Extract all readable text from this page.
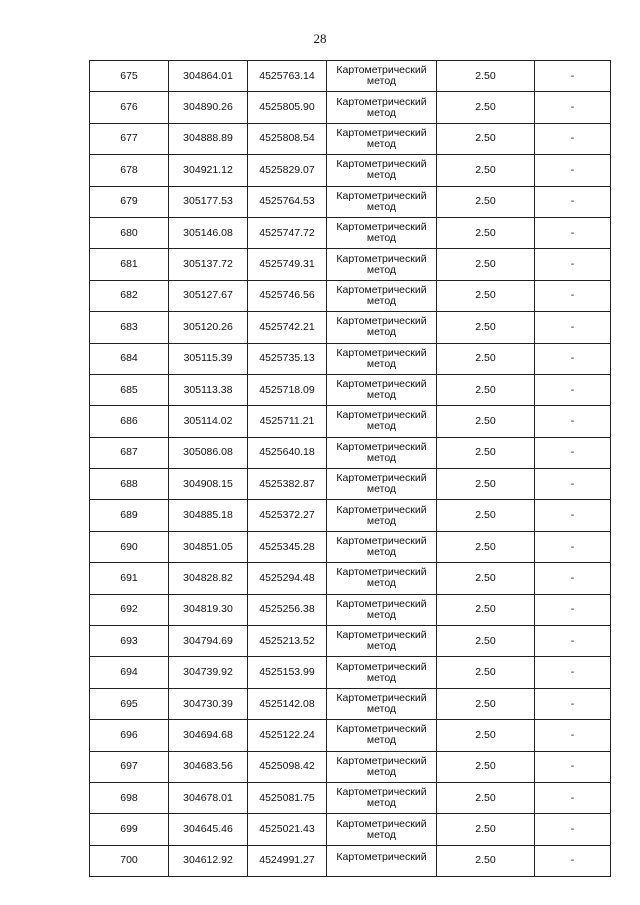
28
675	304864.01	4525763.14	Картометрический метод	2.50	-
676	304890.26	4525805.90	Картометрический метод	2.50	-
677	304888.89	4525808.54	Картометрический метод	2.50	-
678	304921.12	4525829.07	Картометрический метод	2.50	-
679	305177.53	4525764.53	Картометрический метод	2.50	-
680	305146.08	4525747.72	Картометрический метод	2.50	-
681	305137.72	4525749.31	Картометрический метод	2.50	-
682	305127.67	4525746.56	Картометрический метод	2.50	-
683	305120.26	4525742.21	Картометрический метод	2.50	-
684	305115.39	4525735.13	Картометрический метод	2.50	-
685	305113.38	4525718.09	Картометрический метод	2.50	-
686	305114.02	4525711.21	Картометрический метод	2.50	-
687	305086.08	4525640.18	Картометрический метод	2.50	-
688	304908.15	4525382.87	Картометрический метод	2.50	-
689	304885.18	4525372.27	Картометрический метод	2.50	-
690	304851.05	4525345.28	Картометрический метод	2.50	-
691	304828.82	4525294.48	Картометрический метод	2.50	-
692	304819.30	4525256.38	Картометрический метод	2.50	-
693	304794.69	4525213.52	Картометрический метод	2.50	-
694	304739.92	4525153.99	Картометрический метод	2.50	-
695	304730.39	4525142.08	Картометрический метод	2.50	-
696	304694.68	4525122.24	Картометрический метод	2.50	-
697	304683.56	4525098.42	Картометрический метод	2.50	-
698	304678.01	4525081.75	Картометрический метод	2.50	-
699	304645.46	4525021.43	Картометрический метод	2.50	-
700	304612.92	4524991.27	Картометрический	2.50	-
